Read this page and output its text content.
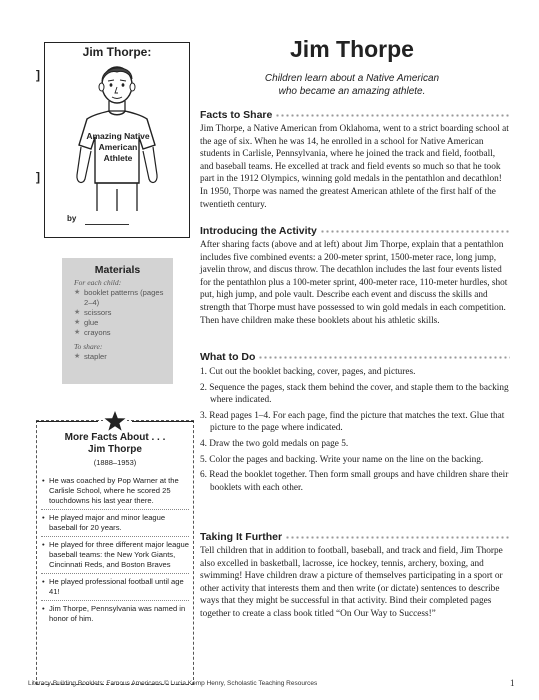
Jim Thorpe:
Amazing Native American Athlete
by
]
]
Materials
For each child:
★ booklet patterns (pages 2–4)
★ scissors
★ glue
★ crayons
To share:
★ stapler
More Facts About . . .
Jim Thorpe
(1888–1953)
• He was coached by Pop Warner at the Carlisle School, where he scored 25 touchdowns his last year there.
• He played major and minor league baseball for 20 years.
• He played for three different major league baseball teams: the New York Giants, Cincinnati Reds, and Boston Braves
• He played professional football until age 41!
• Jim Thorpe, Pennsylvania was named in honor of him.
Jim Thorpe
Children learn about a Native American
who became an amazing athlete.
Facts to Share
Jim Thorpe, a Native American from Oklahoma, went to a strict boarding school at the age of six. When he was 14, he enrolled in a school for Native American students in Carlisle, Pennsylvania, where he joined the track and field, football, and baseball teams. He excelled at track and field events so much so that he took part in the 1912 Olympics, winning gold medals in the pentathlon and decathlon! In 1950, Thorpe was named the greatest American athlete of the first half of the twentieth century.
Introducing the Activity
After sharing facts (above and at left) about Jim Thorpe, explain that a pentathlon includes five combined events: a 200-meter sprint, 1500-meter race, long jump, javelin throw, and discus throw. The decathlon includes the last four events listed for the pentathlon plus a 100-meter sprint, 400-meter race, 110-meter hurdles, shot put, high jump, and pole vault. Describe each event and discuss the skills and strength that Thorpe must have possessed to win gold medals in each competition. Then have children make these booklets about his athletic skills.
What to Do
1. Cut out the booklet backing, cover, pages, and pictures.
2. Sequence the pages, stack them behind the cover, and staple them to the backing where indicated.
3. Read pages 1–4. For each page, find the picture that matches the text. Glue that picture to the page where indicated.
4. Draw the two gold medals on page 5.
5. Color the pages and backing. Write your name on the line on the backing.
6. Read the booklet together. Then form small groups and have children share their booklets with each other.
Taking It Further
Tell children that in addition to football, baseball, and track and field, Jim Thorpe also excelled in basketball, lacrosse, ice hockey, tennis, archery, boxing, and swimming! Have children draw a picture of themselves participating in a sport or other activity that interests them and then write (or dictate) sentences to describe ways that they might be successful in that activity. Bind their completed pages together to create a class book titled “On Our Way to Success!”
Literacy-Building Booklets: Famous Americans © Lucia Kemp Henry, Scholastic Teaching Resources	1
